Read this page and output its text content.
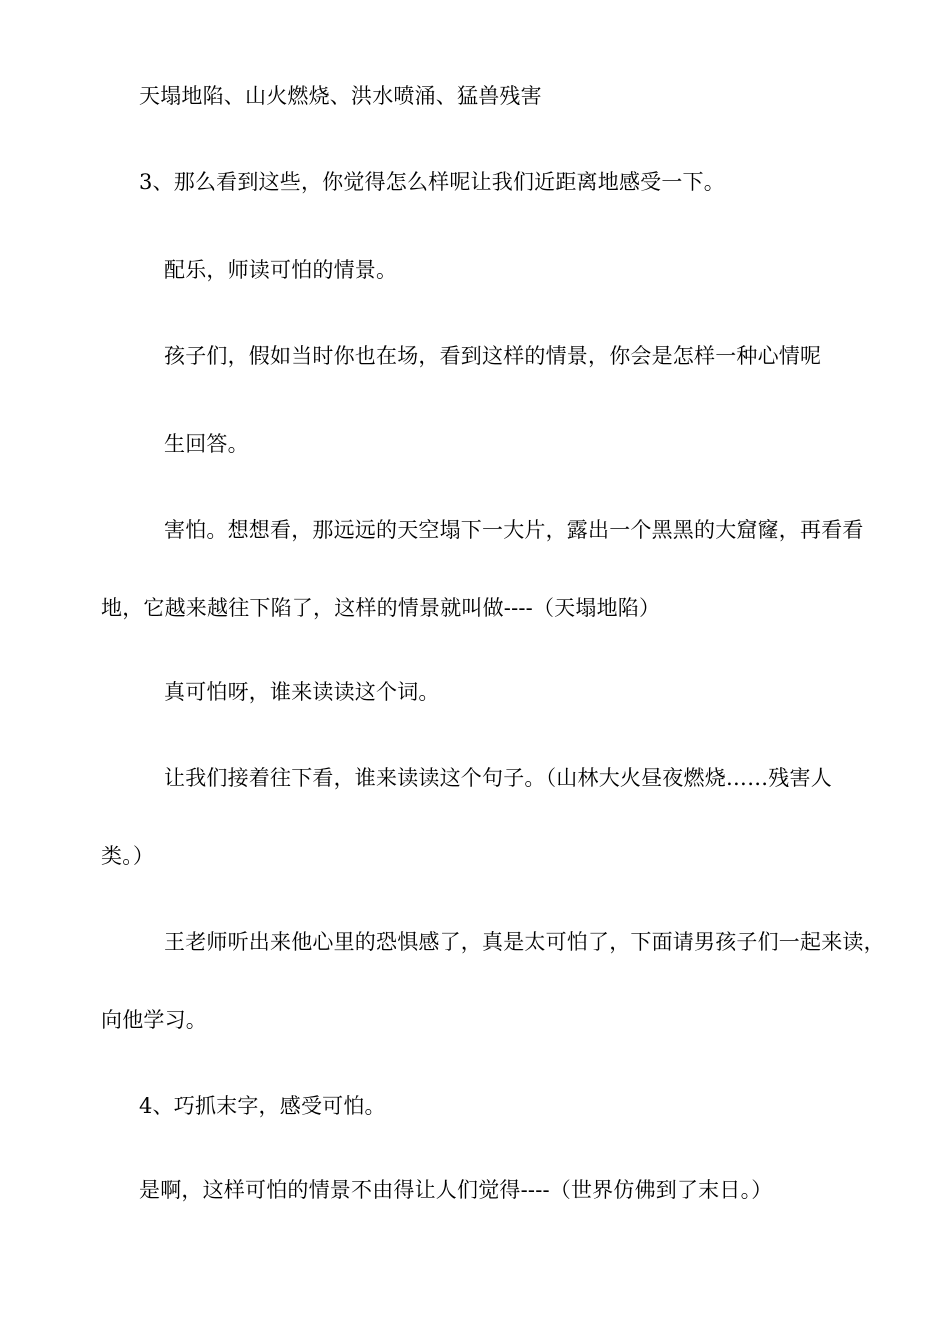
天塌地陷、山火燃烧、洪水喷涌、猛兽残害
3、那么看到这些，你觉得怎么样呢让我们近距离地感受一下。
配乐，师读可怕的情景。
孩子们，假如当时你也在场，看到这样的情景，你会是怎样一种心情呢
生回答。
害怕。想想看，那远远的天空塌下一大片，露出一个黑黑的大窟窿，再看看
地，它越来越往下陷了，这样的情景就叫做----（天塌地陷）
真可怕呀，谁来读读这个词。
让我们接着往下看，谁来读读这个句子。（山林大火昼夜燃烧……残害人
类。）
王老师听出来他心里的恐惧感了，真是太可怕了，下面请男孩子们一起来读，
向他学习。
4、巧抓末字，感受可怕。
是啊，这样可怕的情景不由得让人们觉得----（世界仿佛到了末日。）
